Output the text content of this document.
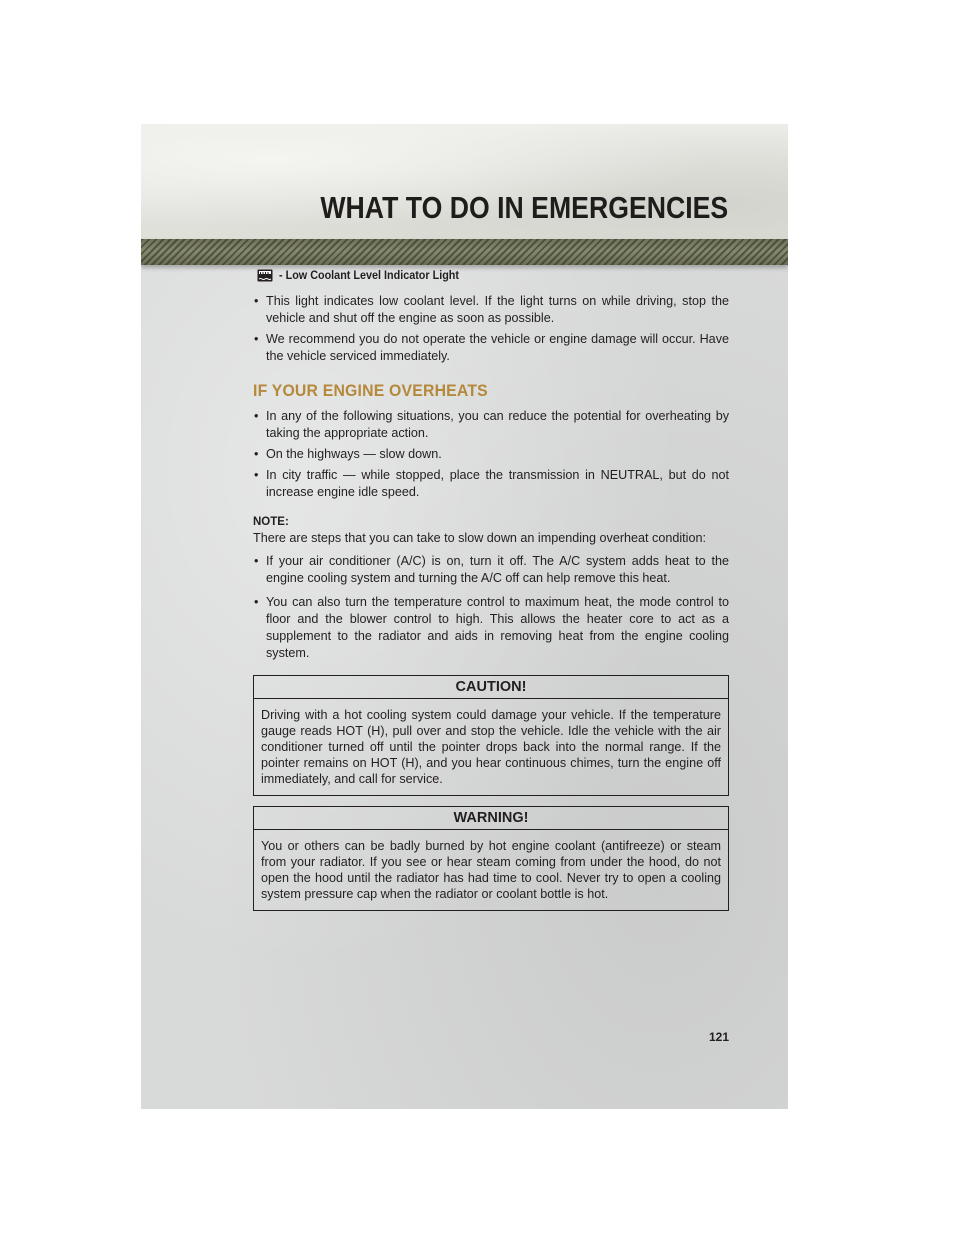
WHAT TO DO IN EMERGENCIES
- Low Coolant Level Indicator Light
• This light indicates low coolant level. If the light turns on while driving, stop the vehicle and shut off the engine as soon as possible.
• We recommend you do not operate the vehicle or engine damage will occur. Have the vehicle serviced immediately.
IF YOUR ENGINE OVERHEATS
• In any of the following situations, you can reduce the potential for overheating by taking the appropriate action.
• On the highways — slow down.
• In city traffic — while stopped, place the transmission in NEUTRAL, but do not increase engine idle speed.
NOTE:
There are steps that you can take to slow down an impending overheat condition:
• If your air conditioner (A/C) is on, turn it off. The A/C system adds heat to the engine cooling system and turning the A/C off can help remove this heat.
• You can also turn the temperature control to maximum heat, the mode control to floor and the blower control to high. This allows the heater core to act as a supplement to the radiator and aids in removing heat from the engine cooling system.
CAUTION!
Driving with a hot cooling system could damage your vehicle. If the temperature gauge reads HOT (H), pull over and stop the vehicle. Idle the vehicle with the air conditioner turned off until the pointer drops back into the normal range. If the pointer remains on HOT (H), and you hear continuous chimes, turn the engine off immediately, and call for service.
WARNING!
You or others can be badly burned by hot engine coolant (antifreeze) or steam from your radiator. If you see or hear steam coming from under the hood, do not open the hood until the radiator has had time to cool. Never try to open a cooling system pressure cap when the radiator or coolant bottle is hot.
121
